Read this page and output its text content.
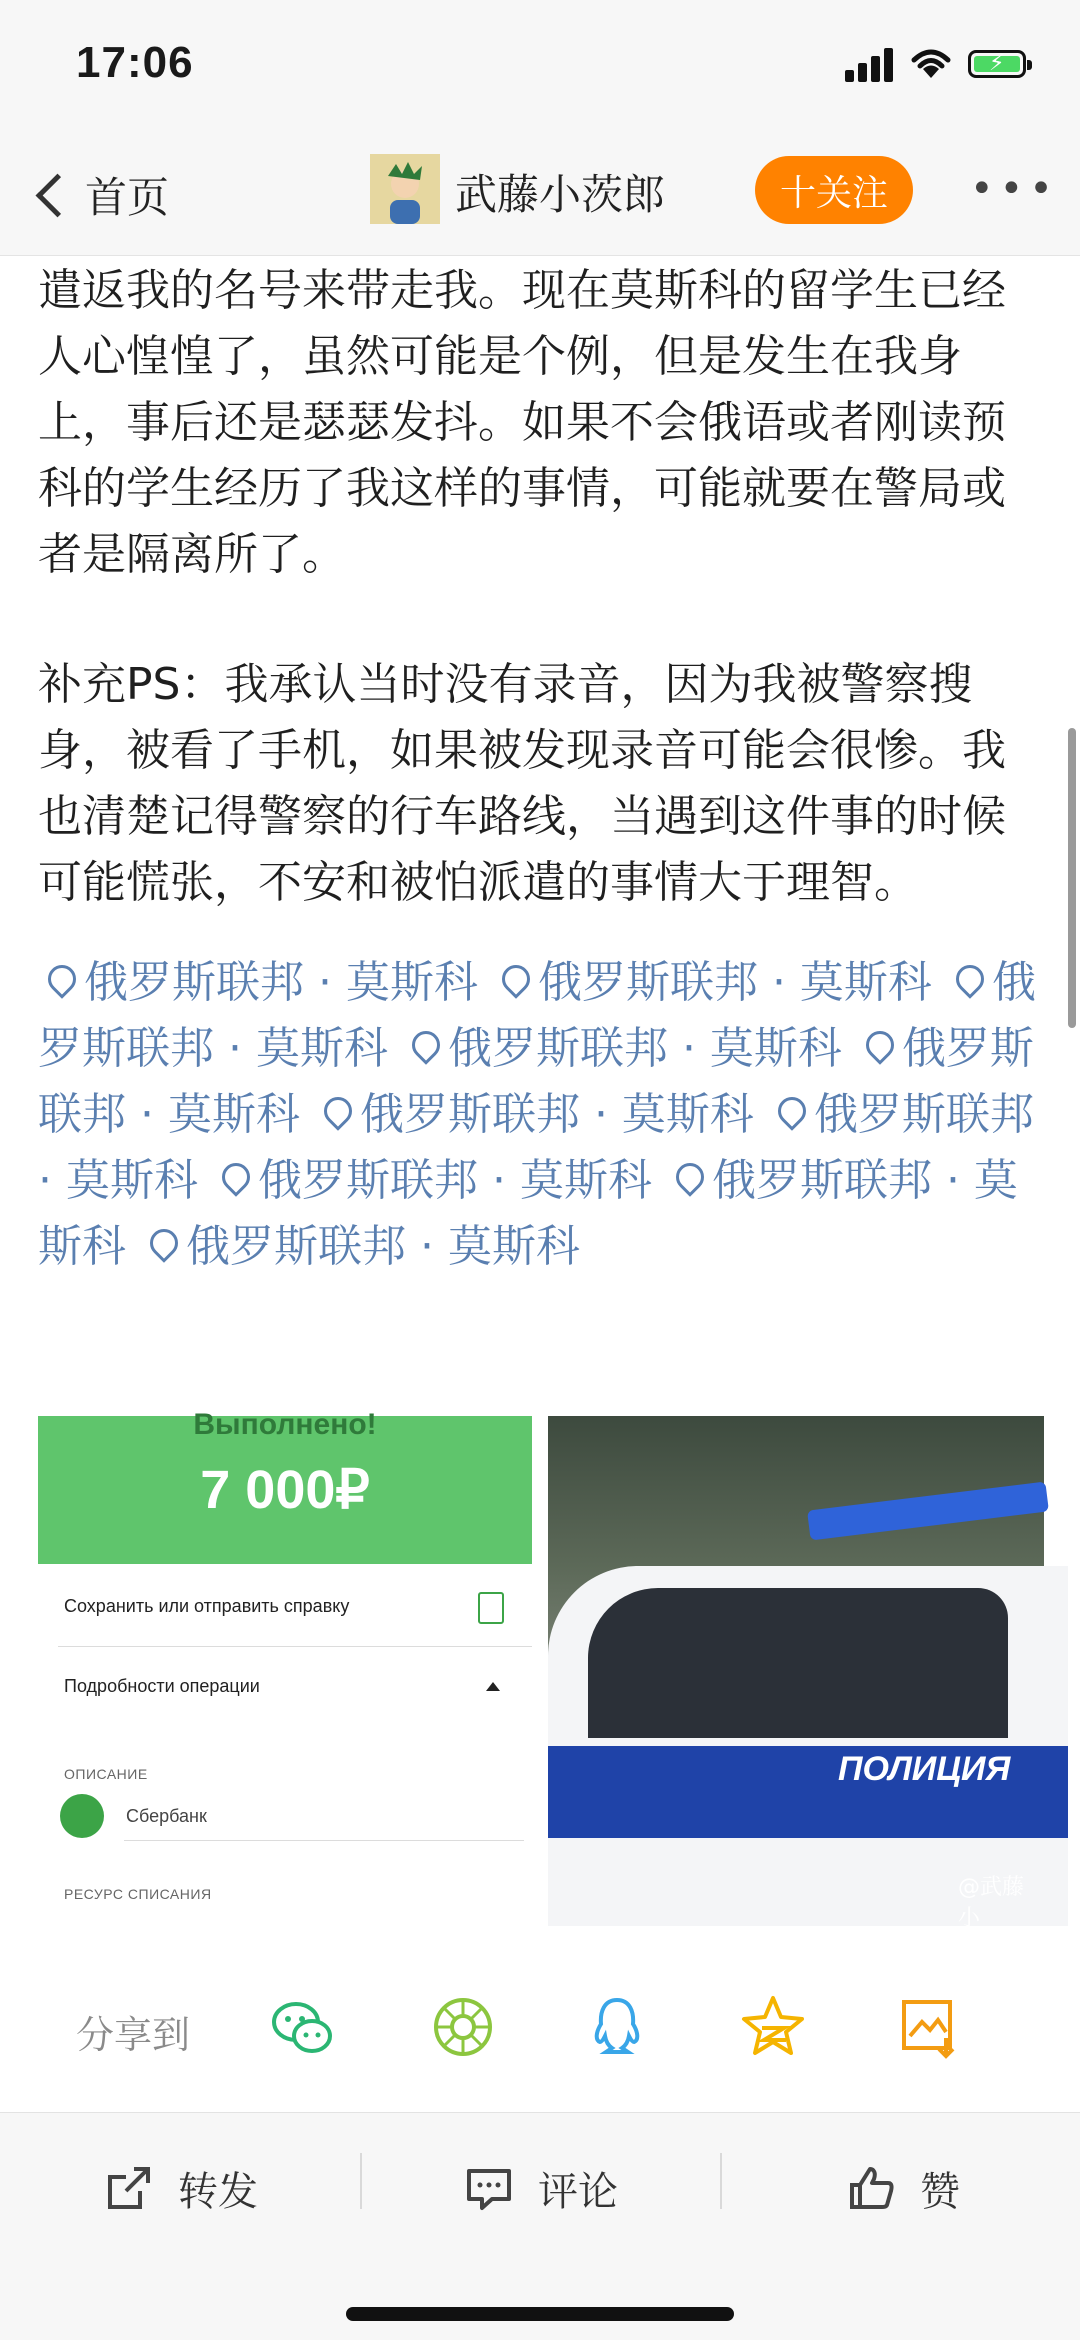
17:06	⚡
首页	武藤小茨郎	十关注	•••

遣返我的名号来带走我。现在莫斯科的留学生已经人心惶惶了，虽然可能是个例，但是发生在我身上，事后还是瑟瑟发抖。如果不会俄语或者刚读预科的学生经历了我这样的事情，可能就要在警局或者是隔离所了。

补充PS：我承认当时没有录音，因为我被警察搜身，被看了手机，如果被发现录音可能会很惨。我也清楚记得警察的行车路线，当遇到这件事的时候可能慌张，不安和被怕派遣的事情大于理智。

俄罗斯联邦 · 莫斯科 俄罗斯联邦 · 莫斯科 俄罗斯联邦 · 莫斯科 俄罗斯联邦 · 莫斯科 俄罗斯联邦 · 莫斯科 俄罗斯联邦 · 莫斯科 俄罗斯联邦 · 莫斯科 俄罗斯联邦 · 莫斯科 俄罗斯联邦 · 莫斯科 俄罗斯联邦 · 莫斯科
Выполнено!
7 000₽
Сохранить или отправить справку
Подробности операции
ОПИСАНИЕ
Сбербанк
РЕСУРС СПИСАНИЯ
ПОЛИЦИЯ
@武藤小
分享到
转发	评论	赞
